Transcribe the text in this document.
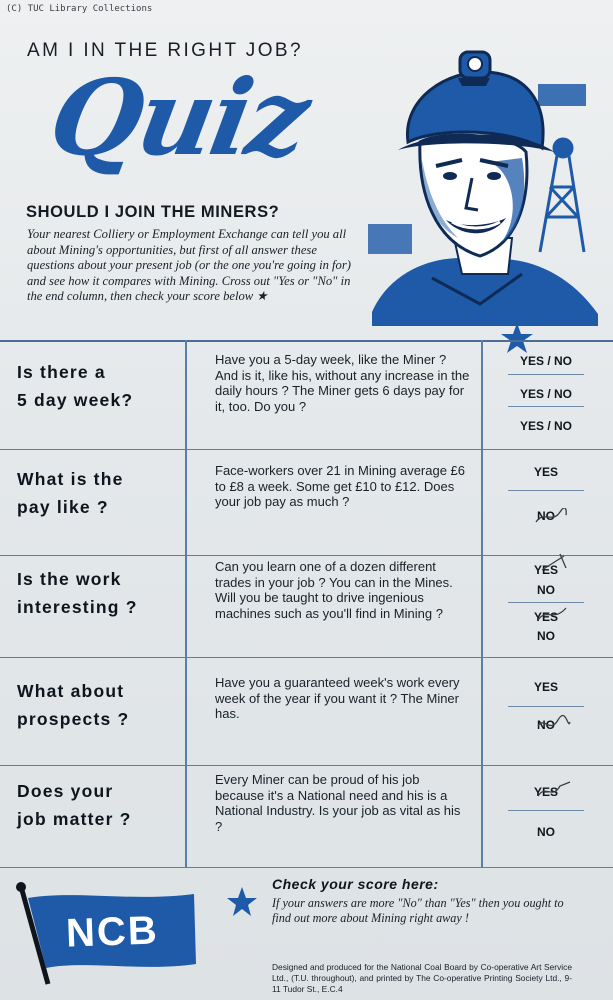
(C) TUC Library Collections
AM I IN THE RIGHT JOB?
Quiz
SHOULD I JOIN THE MINERS?
Your nearest Colliery or Employment Exchange can tell you all about Mining's opportunities, but first of all answer these questions about your present job (or the one you're going in for) and see how it compares with Mining. Cross out "Yes or "No" in the end column, then check your score below ★
Is there a
5 day week?
Have you a 5-day week, like the Miner ? And is it, like his, without any increase in the daily hours ? The Miner gets 6 days pay for it, too. Do you ?
YES / NO
YES / NO
YES / NO
What is the
pay like ?
Face-workers over 21 in Mining average £6 to £8 a week. Some get £10 to £12. Does your job pay as much ?
YES
NO
Is the work
interesting ?
Can you learn one of a dozen different trades in your job ? You can in the Mines. Will you be taught to drive ingenious machines such as you'll find in Mining ?
YES
NO
YES
NO
What about
prospects ?
Have you a guaranteed week's work every week of the year if you want it ? The Miner has.
YES
NO
Does your
job matter ?
Every Miner can be proud of his job because it's a National need and his is a National Industry. Is your job as vital as his ?
YES
NO
NCB
Check your score here:
If your answers are more "No" than "Yes" then you ought to find out more about Mining right away !
Designed and produced for the National Coal Board by Co-operative Art Service Ltd., (T.U. throughout), and printed by The Co-operative Printing Society Ltd., 9-11 Tudor St., E.C.4
